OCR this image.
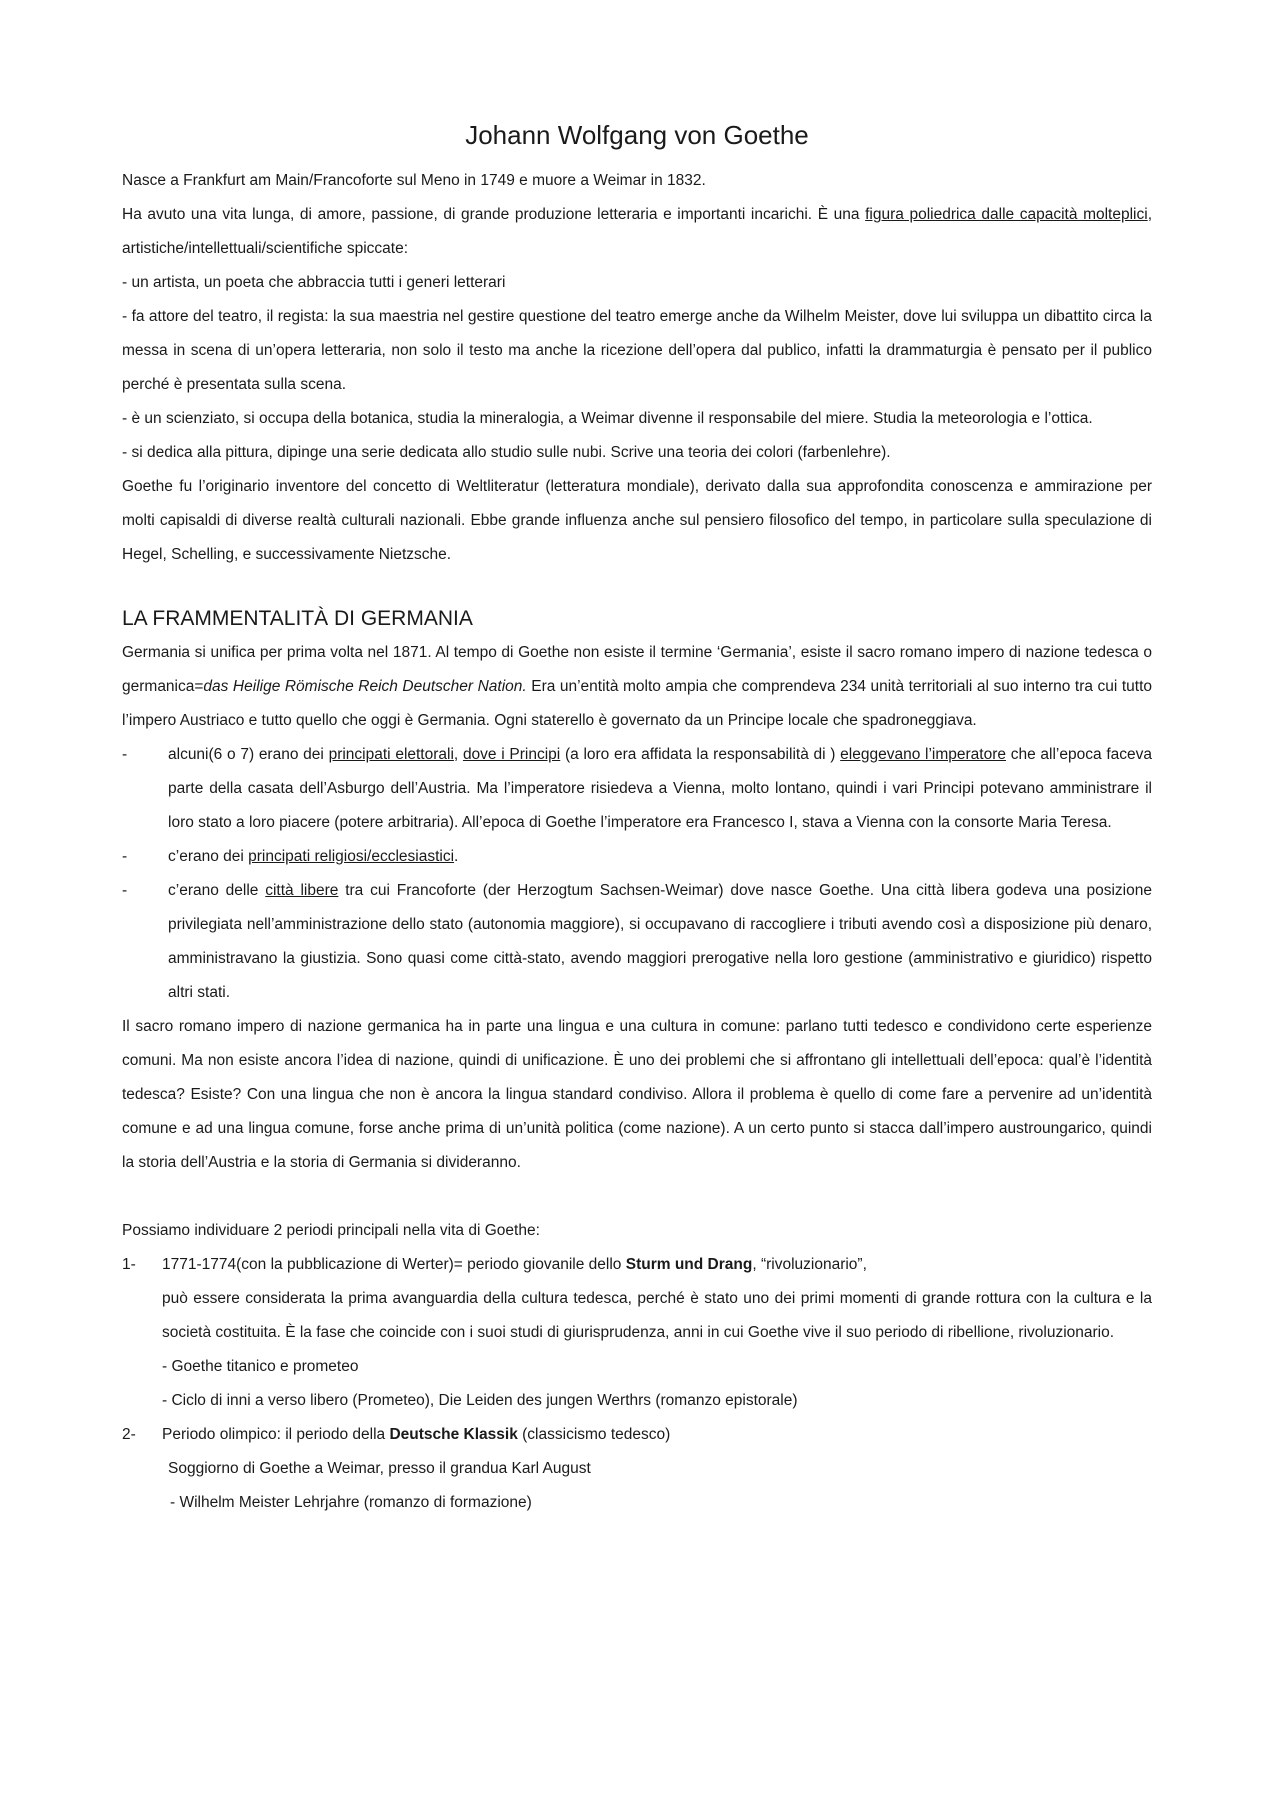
Johann Wolfgang von Goethe

Nasce a Frankfurt am Main/Francoforte sul Meno in 1749 e muore a Weimar in 1832.

Ha avuto una vita lunga, di amore, passione, di grande produzione letteraria e importanti incarichi. È una figura poliedrica dalle capacità molteplici, artistiche/intellettuali/scientifiche spiccate:

- un artista, un poeta che abbraccia tutti i generi letterari

- fa attore del teatro, il regista: la sua maestria nel gestire questione del teatro emerge anche da Wilhelm Meister, dove lui sviluppa un dibattito circa la messa in scena di un’opera letteraria, non solo il testo ma anche la ricezione dell’opera dal publico, infatti la drammaturgia è pensato per il publico perché è presentata sulla scena.

- è un scienziato, si occupa della botanica, studia la mineralogia, a Weimar divenne il responsabile del miere. Studia la meteorologia e l’ottica.

- si dedica alla pittura, dipinge una serie dedicata allo studio sulle nubi. Scrive una teoria dei colori (farbenlehre).

Goethe fu l’originario inventore del concetto di Weltliteratur (letteratura mondiale), derivato dalla sua approfondita conoscenza e ammirazione per molti capisaldi di diverse realtà culturali nazionali. Ebbe grande influenza anche sul pensiero filosofico del tempo, in particolare sulla speculazione di Hegel, Schelling, e successivamente Nietzsche.

LA FRAMMENTALITÀ DI GERMANIA

Germania si unifica per prima volta nel 1871. Al tempo di Goethe non esiste il termine ‘Germania’, esiste il sacro romano impero di nazione tedesca o germanica=das Heilige Römische Reich Deutscher Nation. Era un’entità molto ampia che comprendeva 234 unità territoriali al suo interno tra cui tutto l’impero Austriaco e tutto quello che oggi è Germania. Ogni staterello è governato da un Principe locale che spadroneggiava.

-	alcuni(6 o 7) erano dei principati elettorali, dove i Principi (a loro era affidata la responsabilità di ) eleggevano l’imperatore che all’epoca faceva parte della casata dell’Asburgo dell’Austria. Ma l’imperatore risiedeva a Vienna, molto lontano, quindi i vari Principi potevano amministrare il loro stato a loro piacere (potere arbitraria). All’epoca di Goethe l’imperatore era Francesco I, stava a Vienna con la consorte Maria Teresa.
-	c’erano dei principati religiosi/ecclesiastici.
-	c’erano delle città libere tra cui Francoforte (der Herzogtum Sachsen-Weimar) dove nasce Goethe. Una città libera godeva una posizione privilegiata nell’amministrazione dello stato (autonomia maggiore), si occupavano di raccogliere i tributi avendo così a disposizione più denaro, amministravano la giustizia. Sono quasi come città-stato, avendo maggiori prerogative nella loro gestione (amministrativo e giuridico) rispetto altri stati.

Il sacro romano impero di nazione germanica ha in parte una lingua e una cultura in comune: parlano tutti tedesco e condividono certe esperienze comuni. Ma non esiste ancora l’idea di nazione, quindi di unificazione. È uno dei problemi che si affrontano gli intellettuali dell’epoca: qual’è l’identità tedesca? Esiste? Con una lingua che non è ancora la lingua standard condiviso. Allora il problema è quello di come fare a pervenire ad un’identità comune e ad una lingua comune, forse anche prima di un’unità politica (come nazione). A un certo punto si stacca dall’impero austroungarico, quindi la storia dell’Austria e la storia di Germania si divideranno.

Possiamo individuare 2 periodi principali nella vita di Goethe:

1- 1771-1774(con la pubblicazione di Werter)= periodo giovanile dello Sturm und Drang, “rivoluzionario”,
può essere considerata la prima avanguardia della cultura tedesca, perché è stato uno dei primi momenti di grande rottura con la cultura e la società costituita. È la fase che coincide con i suoi studi di giurisprudenza, anni in cui Goethe vive il suo periodo di ribellione, rivoluzionario.
- Goethe titanico e prometeo
- Ciclo di inni a verso libero (Prometeo), Die Leiden des jungen Werthrs (romanzo epistorale)
2- Periodo olimpico: il periodo della Deutsche Klassik (classicismo tedesco)
Soggiorno di Goethe a Weimar, presso il grandua Karl August
- Wilhelm Meister Lehrjahre (romanzo di formazione)
